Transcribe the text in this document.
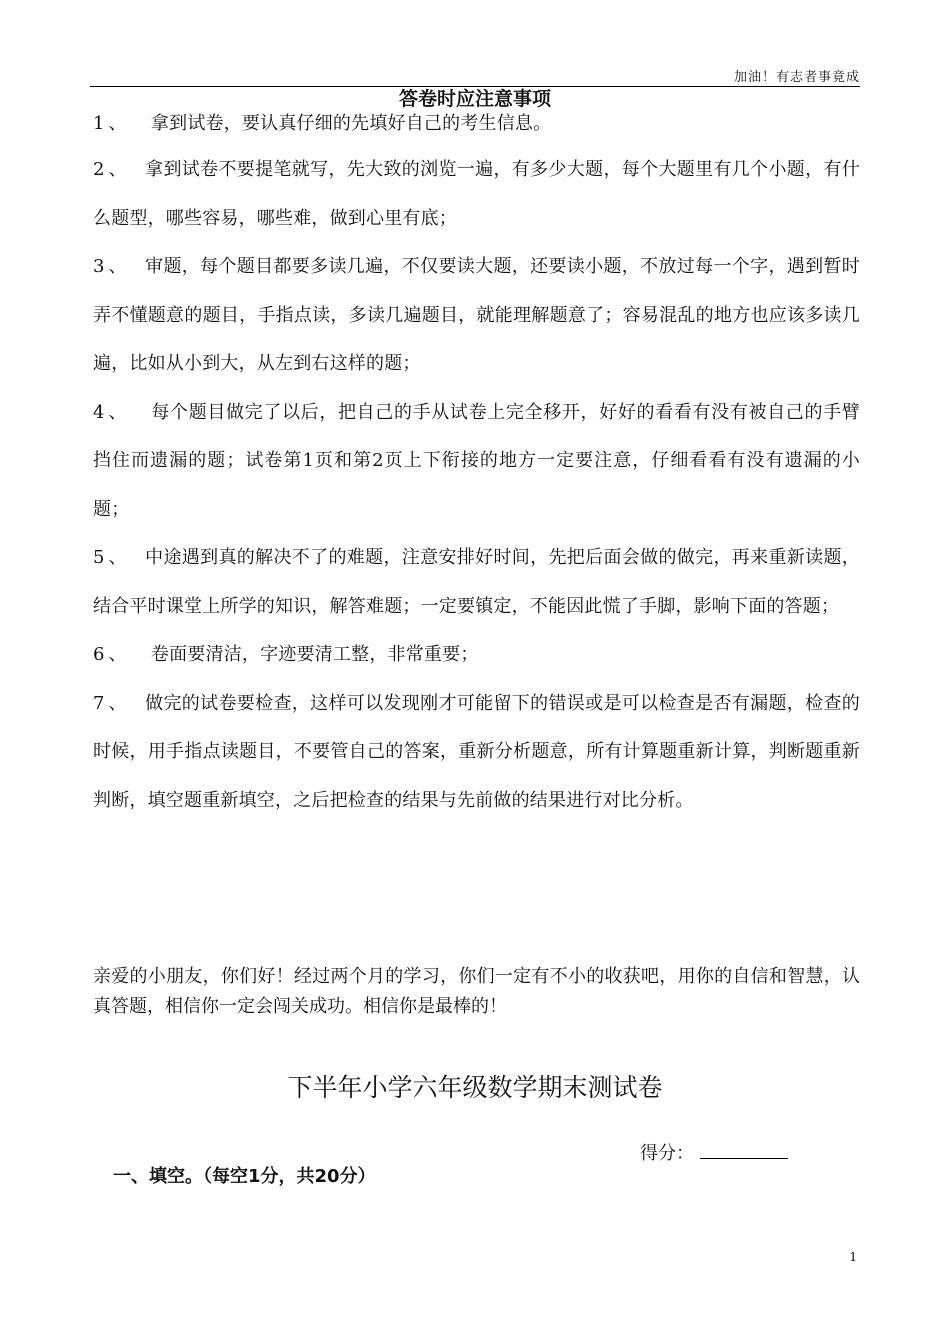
加油！有志者事竟成
答卷时应注意事项
1、 拿到试卷，要认真仔细的先填好自己的考生信息。
2、 拿到试卷不要提笔就写，先大致的浏览一遍，有多少大题，每个大题里有几个小题，有什么题型，哪些容易，哪些难，做到心里有底；
3、 审题，每个题目都要多读几遍，不仅要读大题，还要读小题，不放过每一个字，遇到暂时弄不懂题意的题目，手指点读，多读几遍题目，就能理解题意了；容易混乱的地方也应该多读几遍，比如从小到大，从左到右这样的题；
4、 每个题目做完了以后，把自己的手从试卷上完全移开，好好的看看有没有被自己的手臂挡住而遗漏的题；试卷第1页和第2页上下衔接的地方一定要注意，仔细看看有没有遗漏的小题；
5、 中途遇到真的解决不了的难题，注意安排好时间，先把后面会做的做完，再来重新读题，结合平时课堂上所学的知识，解答难题；一定要镇定，不能因此慌了手脚，影响下面的答题；
6、 卷面要清洁，字迹要清工整，非常重要；
7、 做完的试卷要检查，这样可以发现刚才可能留下的错误或是可以检查是否有漏题，检查的时候，用手指点读题目，不要管自己的答案，重新分析题意，所有计算题重新计算，判断题重新判断，填空题重新填空，之后把检查的结果与先前做的结果进行对比分析。

亲爱的小朋友，你们好！经过两个月的学习，你们一定有不小的收获吧，用你的自信和智慧，认真答题，相信你一定会闯关成功。相信你是最棒的！

下半年小学六年级数学期末测试卷
得分：
一、填空。（每空1分，共20分）
1
